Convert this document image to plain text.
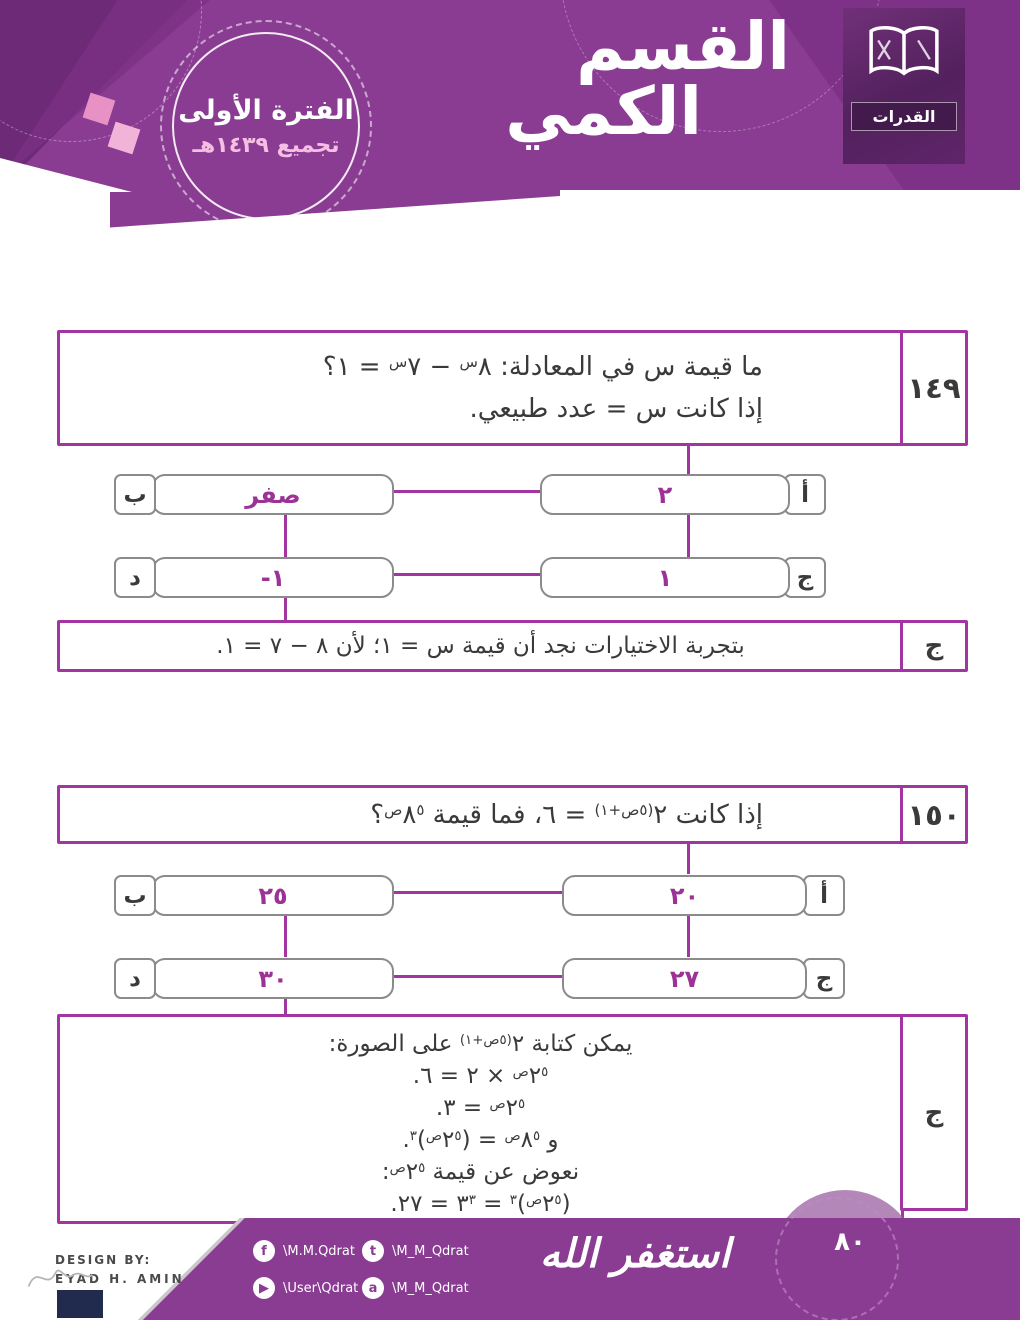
الفترة الأولى
تجميع ١٤٣٩هـ
القسم
الكمي	القدرات
ما قيمة س في المعادلة: $٨^س$ − $٧^س$ = ١؟
إذا كانت س = عدد طبيعي.
١٤٩
أ
٢
صفر
ب
ج
١
-١
د
بتجربة الاختيارات نجد أن قيمة س = ١؛ لأن ٨ − ٧ = ١.	ج
إذا كانت $٢^{(٥ص+١)}$ = ٦، فما قيمة $٨^{٥ص}؟$	١٥٠
أ
٢٠
٢٥
ب
ج
٢٧
٣٠
د
يمكن كتابة $٢^{(٥ص+١)}$ على الصورة:
$٢^{٥ص}$ × ٢ = ٦.
$٢^{٥ص}$ = ٣.
و $٨^{٥ص}$ = $(٢^{٥ص})^٣$.
نعوض عن قيمة $٢^{٥ص}$:
$(٢^{٥ص})^٣$ = $٣^٣$ = ٢٧.
ج
DESIGN BY:
EYAD H. AMIN
f	\M.M.Qdrat	t	\M_M_Qdrat
▶	\User\Qdrat a	\M_M_Qdrat
استغفر الله	٨٠
